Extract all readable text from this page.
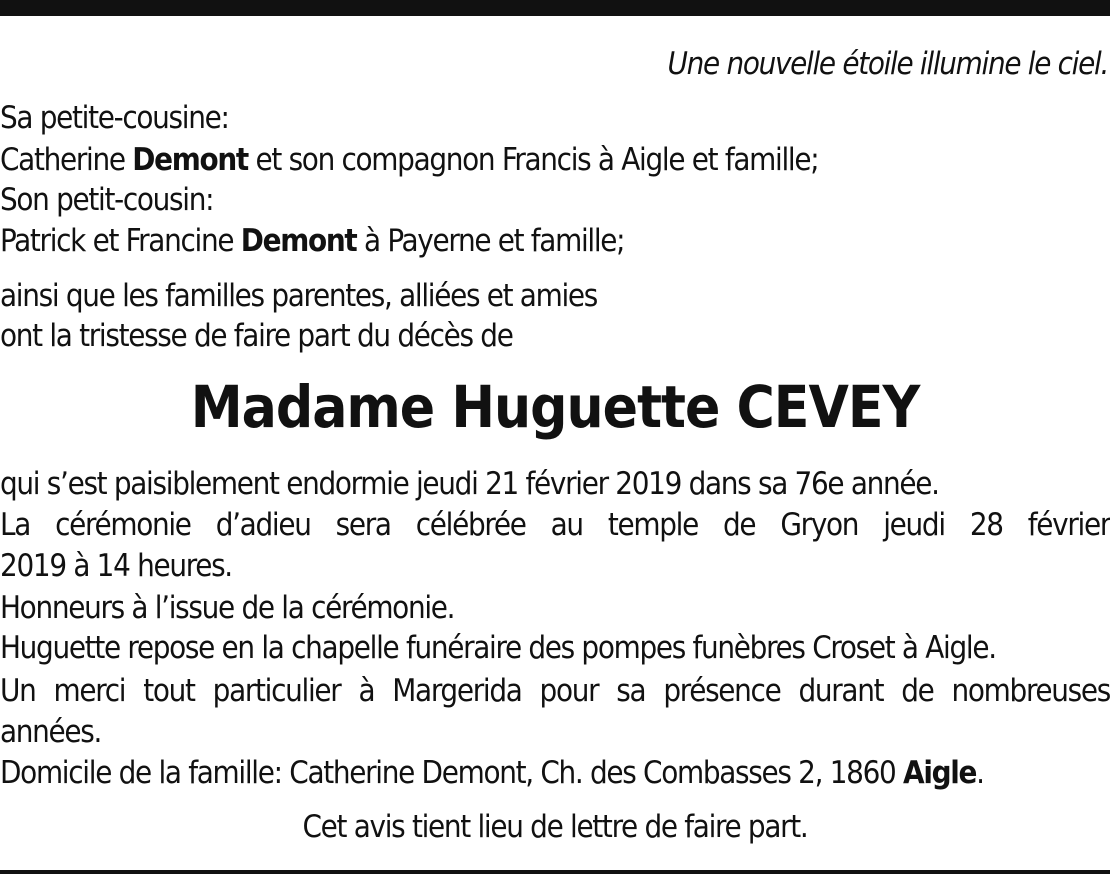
Une nouvelle étoile illumine le ciel.
Sa petite-cousine:
Catherine Demont et son compagnon Francis à Aigle et famille;
Son petit-cousin:
Patrick et Francine Demont à Payerne et famille;
ainsi que les familles parentes, alliées et amies
ont la tristesse de faire part du décès de
Madame Huguette CEVEY
qui s’est paisiblement endormie jeudi 21 février 2019 dans sa 76e année.
La cérémonie d’adieu sera célébrée au temple de Gryon jeudi 28 février
2019 à 14 heures.
Honneurs à l’issue de la cérémonie.
Huguette repose en la chapelle funéraire des pompes funèbres Croset à Aigle.
Un merci tout particulier à Margerida pour sa présence durant de nombreuses
années.
Domicile de la famille: Catherine Demont, Ch. des Combasses 2, 1860 Aigle.
Cet avis tient lieu de lettre de faire part.
